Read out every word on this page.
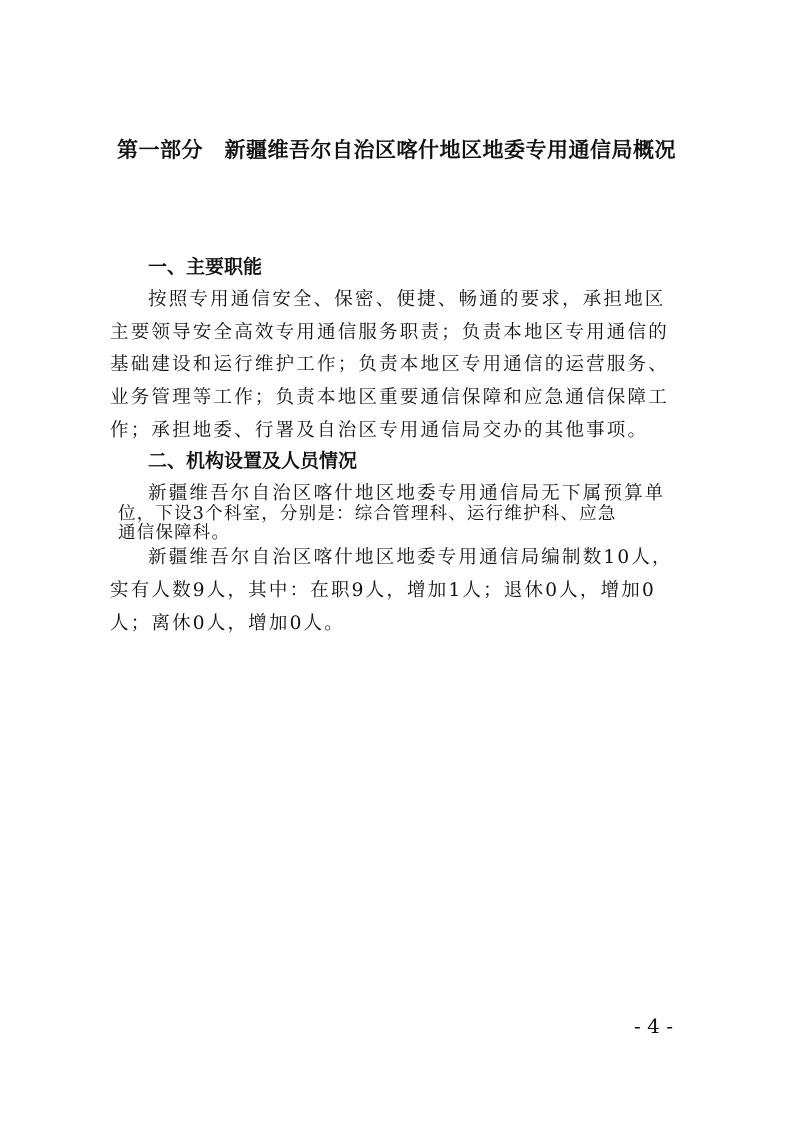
第一部分　新疆维吾尔自治区喀什地区地委专用通信局概况
一、主要职能
按照专用通信安全、保密、便捷、畅通的要求，承担地区
主要领导安全高效专用通信服务职责；负责本地区专用通信的
基础建设和运行维护工作；负责本地区专用通信的运营服务、
业务管理等工作；负责本地区重要通信保障和应急通信保障工
作；承担地委、行署及自治区专用通信局交办的其他事项。
二、机构设置及人员情况
新疆维吾尔自治区喀什地区地委专用通信局无下属预算单
位，下设3个科室，分别是：综合管理科、运行维护科、应急
通信保障科。
新疆维吾尔自治区喀什地区地委专用通信局编制数10人，
实有人数9人，其中：在职9人，增加1人；退休0人，增加0
人；离休0人，增加0人。
- 4 -
